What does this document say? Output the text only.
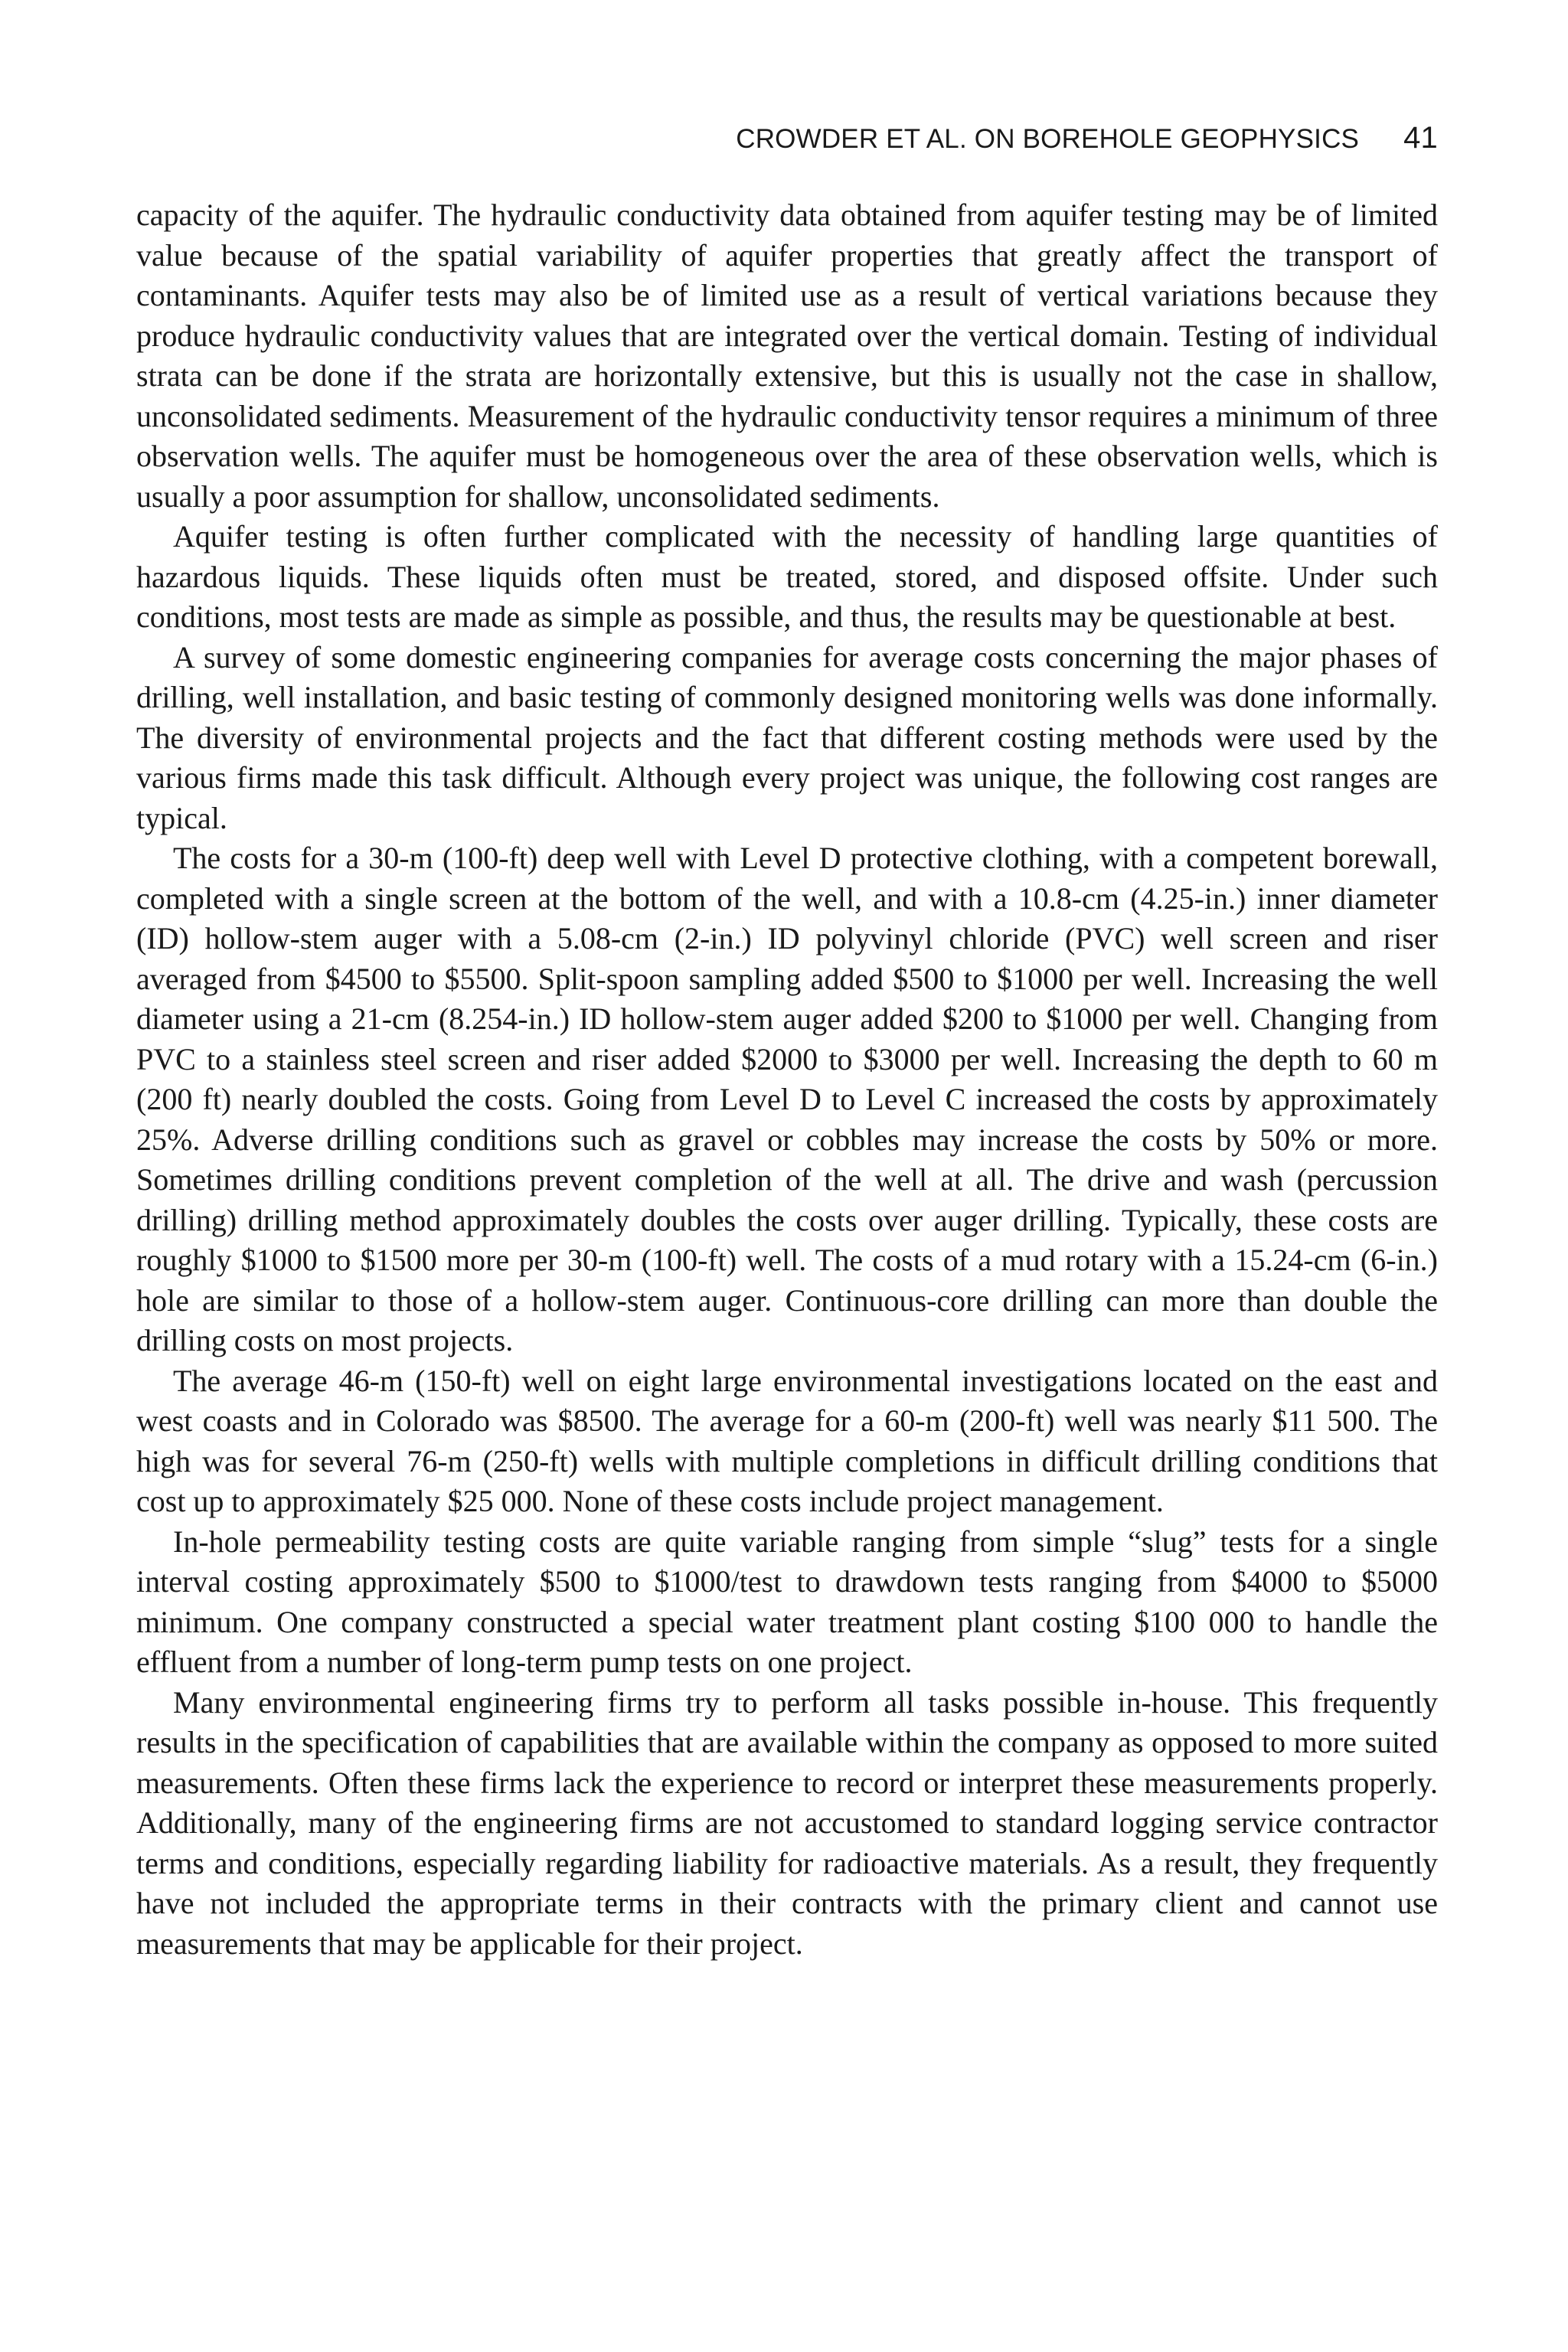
CROWDER ET AL. ON BOREHOLE GEOPHYSICS 41

capacity of the aquifer. The hydraulic conductivity data obtained from aquifer testing may be of limited value because of the spatial variability of aquifer properties that greatly affect the transport of contaminants. Aquifer tests may also be of limited use as a result of vertical variations because they produce hydraulic conductivity values that are integrated over the vertical domain. Testing of individual strata can be done if the strata are horizontally extensive, but this is usually not the case in shallow, unconsolidated sediments. Measurement of the hydraulic conductivity tensor requires a minimum of three observation wells. The aquifer must be homogeneous over the area of these observation wells, which is usually a poor assumption for shallow, unconsolidated sediments.

Aquifer testing is often further complicated with the necessity of handling large quantities of hazardous liquids. These liquids often must be treated, stored, and disposed offsite. Under such conditions, most tests are made as simple as possible, and thus, the results may be questionable at best.

A survey of some domestic engineering companies for average costs concerning the major phases of drilling, well installation, and basic testing of commonly designed monitoring wells was done informally. The diversity of environmental projects and the fact that different costing methods were used by the various firms made this task difficult. Although every project was unique, the following cost ranges are typical.

The costs for a 30-m (100-ft) deep well with Level D protective clothing, with a competent borewall, completed with a single screen at the bottom of the well, and with a 10.8-cm (4.25-in.) inner diameter (ID) hollow-stem auger with a 5.08-cm (2-in.) ID polyvinyl chloride (PVC) well screen and riser averaged from $4500 to $5500. Split-spoon sampling added $500 to $1000 per well. Increasing the well diameter using a 21-cm (8.254-in.) ID hollow-stem auger added $200 to $1000 per well. Changing from PVC to a stainless steel screen and riser added $2000 to $3000 per well. Increasing the depth to 60 m (200 ft) nearly doubled the costs. Going from Level D to Level C increased the costs by approximately 25%. Adverse drilling conditions such as gravel or cobbles may increase the costs by 50% or more. Sometimes drilling conditions prevent completion of the well at all. The drive and wash (percussion drilling) drilling method approximately doubles the costs over auger drilling. Typically, these costs are roughly $1000 to $1500 more per 30-m (100-ft) well. The costs of a mud rotary with a 15.24-cm (6-in.) hole are similar to those of a hollow-stem auger. Continuous-core drilling can more than double the drilling costs on most projects.

The average 46-m (150-ft) well on eight large environmental investigations located on the east and west coasts and in Colorado was $8500. The average for a 60-m (200-ft) well was nearly $11 500. The high was for several 76-m (250-ft) wells with multiple completions in difficult drilling conditions that cost up to approximately $25 000. None of these costs include project management.

In-hole permeability testing costs are quite variable ranging from simple “slug” tests for a single interval costing approximately $500 to $1000/test to drawdown tests ranging from $4000 to $5000 minimum. One company constructed a special water treatment plant costing $100 000 to handle the effluent from a number of long-term pump tests on one project.

Many environmental engineering firms try to perform all tasks possible in-house. This frequently results in the specification of capabilities that are available within the company as opposed to more suited measurements. Often these firms lack the experience to record or interpret these measurements properly. Additionally, many of the engineering firms are not accustomed to standard logging service contractor terms and conditions, especially regarding liability for radioactive materials. As a result, they frequently have not included the appropriate terms in their contracts with the primary client and cannot use measurements that may be applicable for their project.
